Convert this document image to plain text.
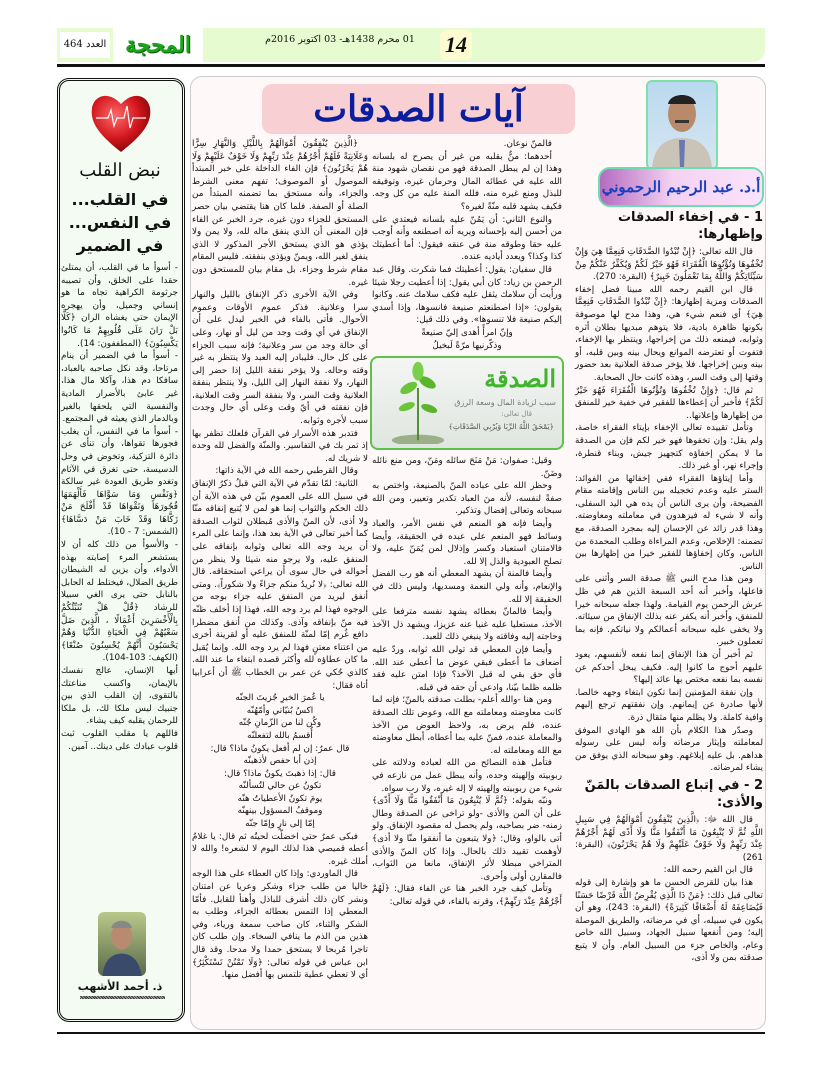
العدد 464 المحجة	01 محرم 1438هـ- 03 اكتوبر 2016م 14
نبض القلب
في القلب...
في النفس...
في الضمير

- أسوأ ما في القلب، أن يمتلئ حقدا على الخلق، وأن تصيبه جرثومة الكراهية تجاه ما هو إنساني وجميل، وأن يهجره الإيمان حتى يغشاه الران ﴿كَلَّا بَلْ رَانَ عَلَى قُلُوبِهِمْ مَا كَانُوا يَكْسِبُونَ﴾ (المطففون: 14).

- أسوأ ما في الضمير أن ينام مرتاحا، وقد نكل صاحبه بالعباد، سافكا دم هذا، وآكلا مال هذا، غير عابئ بالأضرار المادية والنفسية التي يلحقها بالغير وبالدمار الذي يعيثه في المجتمع.

- أسوأ ما في النفس، أن يغلب فجورها تقواها، وأن تنأى عن دائرة التزكية، وتخوض في وحل الدسيسة، حتى تغرق في الآثام وتغدو طريق العودة غير سالكة ﴿وَنَفْسٍ وَمَا سَوَّاهَا فَأَلْهَمَهَا فُجُورَهَا وَتَقْوَاهَا قَدْ أَفْلَحَ مَنْ زَكَّاهَا وَقَدْ خَابَ مَنْ دَسَّاهَا﴾ (الشمس: 7 - 10).

- والأسوأ من ذلك كله أن لا يستشعر المرء إصابته بهذه الأدواء، وأن يزين له الشيطان طريق الضلال، فيختلط له الحابل بالنابل حتى يرى الغي سبيلا للرشاد ﴿قُلْ هَلْ نُنَبِّئُكُمْ بِالْأَخْسَرِينَ أَعْمَالًا ، الَّذِينَ ضَلَّ سَعْيُهُمْ فِي الْحَيَاةِ الدُّنْيَا وَهُمْ يَحْسَبُونَ أَنَّهُمْ يُحْسِنُونَ صُنْعًا﴾ (الكهف: 103-104).

أيها الإنسان، عالج نفسك بالإيمان، واكسب مناعتك بالتقوى، إن القلب الذي بين جنبيك ليس ملكا لك، بل ملكا للرحمان يقلبه كيف يشاء.

فاللهم يا مقلب القلوب ثبت قلوب عبادك على دينك.. آمين.

ذ. أحمد الأشهب
آيات الصدقات
أ.د. عبد الرحيم الرحموني
1 - في إخفاء الصدقات وإظهارها:

قال الله تعالى: ﴿إِنْ تُبْدُوا الصَّدَقَاتِ فَنِعِمَّا هِيَ وَإِنْ تُخْفُوهَا وَتُؤْتُوهَا الْفُقَرَاءَ فَهُوَ خَيْرٌ لَكُمْ وَيُكَفِّرُ عَنْكُمْ مِنْ سَيِّئَاتِكُمْ وَاللَّهُ بِمَا تَعْمَلُونَ خَبِيرٌ﴾ (البقرة: 270).

قال ابن القيم رحمه الله مبينا فضل إخفاء الصدقات ومزية إظهارها: ﴿إِنْ تُبْدُوا الصَّدَقَاتِ فَنِعِمَّا هِيَ﴾ أي فنعم شيء هي، وهذا مدح لها موصوفة بكونها ظاهرة بادية، فلا يتوهم مبديها بطلان أثره وثوابه، فيمنعه ذلك من إخراجها، وينتظر بها الإخفاء، فتفوت أو تعترضه الموانع ويحال بينه وبين قلبه، أو بينه وبين إخراجها. فلا يؤخر صدقة العلانية بعد حضور وقتها إلى وقت السر، وهذه كانت حال الصحابة.

ثم قال: ﴿وَإِنْ تُخْفُوهَا وَتُؤْتُوهَا الْفُقَرَاءَ فَهُوَ خَيْرٌ لَكُمْ﴾ فأخبر أن إعطاءها للفقير في خفية خير للمنفق من إظهارها وإعلانها..

وتأمل تقييده تعالى الإخفاء بإيتاء الفقراء خاصة، ولم يقل: وإن تخفوها فهو خير لكم فإن من الصدقة ما لا يمكن إخفاؤه كتجهيز جيش، وبناء قنطرة، وإجراء نهر، أو غير ذلك.

وأما إيتاؤها الفقراء ففي إخفائها من الفوائد: الستر عليه وعدم تخجيله بين الناس وإقامته مقام الفضيحة، وأن يرى الناس أن يده هي اليد السفلى، وأنه لا شيء له فيزهدون في معاملته ومعاوضته. وهذا قدر زائد عن الإحسان إليه بمجرد الصدقة، مع تضمنه: الإخلاص، وعدم المراءاة وطلب المحمدة من الناس، وكان إخفاؤها للفقير خيرا من إظهارها بين الناس.

ومن هذا مدح النبي ﷺ صدقة السر وأثنى على فاعلها، وأخبر أنه أحد السبعة الذين هم في ظل عرش الرحمن يوم القيامة. ولهذا جعله سبحانه خيرا للمنفق، وأخبر أنه يكفر عنه بذلك الإنفاق من سيئاته. ولا يخفى عليه سبحانه أعمالكم ولا نياتكم. فإنه بما تعملون خبير.

ثم أخبر أن هذا الإنفاق إنما نفعه لأنفسهم، يعود عليهم أحوج ما كانوا إليه. فكيف يبخل أحدكم عن نفسه بما نفعه مختص بها عائد إليها؟

وإن نفقة المؤمنين إنما تكون ابتغاء وجهه خالصا. لأنها صادرة عن إيمانهم. وإن نفقتهم ترجع إليهم وافية كاملة. ولا يظلم منها مثقال ذرة.

وصدّر هذا الكلام بأن الله هو الهادي الموفق لمعاملته وإيثار مرضاته وأنه ليس على رسوله هداهم. بل عليه إبلاغهم. وهو سبحانه الذي يوفق من يشاء لمرضاته.

2 - في إتباع الصدقات بالمَنّ والأذى:

قال الله ﷻ: ﴿الَّذِينَ يُنْفِقُونَ أَمْوَالَهُمْ فِي سَبِيلِ اللَّهِ ثُمَّ لَا يُتْبِعُونَ مَا أَنْفَقُوا مَنًّا وَلَا أَذًى لَهُمْ أَجْرُهُمْ عِنْدَ رَبِّهِمْ وَلَا خَوْفٌ عَلَيْهِمْ وَلَا هُمْ يَحْزَنُونَ﴾ (البقرة: 261)

قال ابن القيم رحمه الله:

هذا بيان للقرض الحسن ما هو وإشارة إلى قوله تعالى قبل ذلك: ﴿مَنْ ذَا الَّذِي يُقْرِضُ اللَّهَ قَرْضًا حَسَنًا فَيُضَاعِفَهُ لَهُ أَضْعَافًا كَثِيرَةً﴾ (البقرة: 243)، وهو أن يكون في سبيله، أي في مرضاته، والطريق الموصلة إليه؛ ومن أنفعها سبيل الجهاد، وسبيل الله خاص وعام، والخاص جزء من السبيل العام. وأن لا يتبع صدقته بمن ولا أذى،

فالمنّ نوعان.

أحدهما: منٌّ بقلبه من غير أن يصرح له بلسانه وهذا إن لم يبطل الصدقة فهو من نقصان شهود منة الله عليه في عطائه المال وحرمان غيره، وتوفيقه للبذل ومنع غيره منه، فلله المنة عليه من كل وجه. فكيف يشهد قلبه منّةً لغيره؟

والنوع الثاني: أن يَمُنّ عليه بلسانه فيعتدي على من أحسن إليه بإحسانه ويريه أنه اصطنعه وأنه أوجب عليه حقا وطوقه منة في عنقه فيقول: أما أعطيتك كذا وكذا؟ ويعدد أياديه عنده.

قال سفيان: يقول: أعطيتك فما شكرت. وقال عبد الرحمن بن زياد: كان أبي يقول: إذا أعطيت رجلا شيئا ورأيت أن سلامك يثقل عليه فكف سلامك عنه. وكانوا يقولون: «إذا اصطنعتم صنيعة فانسوها، وإذا أسدي إليكم صنيعة فلا تنسوها». وفي ذلك قيل:

وإنّ امرأً أهدى إليّ صنيعةً

وذكّرنيها مرّةً لَبخيلُ

الصدقة
سبب لزيادة المال وسعة الرزق
قال تعالى:
﴿يَمْحَقُ اللَّهُ الرِّبَا وَيُرْبِي الصَّدَقَاتِ﴾

وقيل: صفوان: مَنْ مَنَحَ سائله ومَنّ، ومن منع نائله وضَنّ.

وحظر الله على عباده المنّ بالصنيعة، واختص به صفةً لنفسه، لأنه منَ العباد تكدير وتعيير، ومن الله سبحانه وتعالى إفضال وتذكير.

وأيضا فإنه هو المنعم في نفس الأمر، والعباد وسائط فهو المنعم على عبده في الحقيقة، وأيضا فالامتنان استعباد وكسر وإذلال لمن يُمَنّ عليه، ولا تصلح العبودية والذل إلا لله.

وأيضا فالمنة أن يشهد المعطي أنه هو رب الفضل والإنعام، وأنه ولي النعمة ومسديها، وليس ذلك في الحقيقة إلا لله.

وأيضا فالمانّ بعطائه يشهد نفسه مترفعا على الآخذ، مستعليا عليه غنيا عنه عزيزا، ويشهد ذل الآخذ وحاجته إليه وفاقته ولا ينبغي ذلك للعبد.

وأيضا فإن المعطي قد تولى الله ثوابه، وردّ عليه أضعاف ما أعطى فبقي عوض ما أعطى عند الله. فأي حق بقي له قبل الآخذ؟ فإذا امتن عليه فقد ظلمه ظلما بيّنا، وادعى أن حقه في قبله.

ومن هنا -والله أعلم- بطلت صدقته بالمنّ؛ فإنه لما كانت معاوضته ومعاملته مع الله، وعوض تلك الصدقة عنده، فلم يرض به، ولاحظ العوض من الآخذ والمعاملة عنده، فمنّ عليه بما أعطاه، أبطل معاوضته مع الله ومعاملته له.

فتأمل هذه النصائح من الله لعباده ودلالته على ربوبيته وإلهيته وحده، وأنه يبطل عمل من نازعه في شيء من ربوبيته وإلهيته لا إله غيره، ولا رب سواه.

ونبّه بقوله: ﴿ثُمَّ لَا يُتْبِعُونَ مَا أَنْفَقُوا مَنًّا وَلَا أَذًى﴾ على أن المن والأذى -ولو تراخى عن الصدقة وطال زمنه- ضر بصاحبه، ولم يحصل له مقصود الإنفاق. ولو أتى بالواو، وقال: ﴿ولا يتبعون ما أنفقوا منّا ولا أذى﴾ لأوهمت تقييد ذلك بالحال. وإذا كان المنّ والأذى المتراخي مبطلا لأثر الإنفاق، مانعا من الثواب، فالمقارن أولى وأحرى.

وتأمل كيف جرد الخبر هنا عن الفاء فقال: ﴿لَهُمْ أَجْرُهُمْ عِنْدَ رَبِّهِمْ﴾، وقرنه بالفاء، في قوله تعالى:

﴿الَّذِينَ يُنْفِقُونَ أَمْوَالَهُمْ بِاللَّيْلِ وَالنَّهَارِ سِرًّا وَعَلَانِيَةً فَلَهُمْ أَجْرُهُمْ عِنْدَ رَبِّهِمْ وَلَا خَوْفٌ عَلَيْهِمْ وَلَا هُمْ يَحْزَنُونَ﴾ فإن الفاء الداخلة على خبر المبتدأ الموصول أو الموصوف؛ تفهم معنى الشرط والجزاء، وأنه مستحق بما تضمنه المبتدأ من الصلة أو الصفة. فلما كان هنا يقتضي بيان حصر المستحق للجزاء دون غيره، جرد الخبر عن الفاء فإن المعنى أن الذي ينفق ماله لله، ولا يمن ولا يؤذي هو الذي يستحق الأجر المذكور لا الذي ينفق لغير الله، ويمنّ ويؤذي بنفقته. فليس المقام مقام شرط وجزاء. بل مقام بيان للمستحق دون غيره.

وفي الآية الأخرى ذكر الإنفاق بالليل والنهار سرا وعلانية. فذكر عموم الأوقات وعموم الأحوال. فأتى بالفاء في الخبر ليدل على أن الإنفاق في أي وقت وجد من ليل أو نهار، وعلى أي حالة وجد من سر وعلانية؛ فإنه سبب الجزاء على كل حال. فليبادر إليه العبد ولا ينتظر به غير وقته وحاله. ولا يؤخر نفقة الليل إذا حضر إلى النهار، ولا نفقة النهار إلى الليل، ولا ينتظر بنفقة العلانية وقت السر، ولا بنفقة السر وقت العلانية، فإن نفقته في أيّ وقت وعلى أي حال وجدت سبب لأجره وثوابه.

فتدبر هذه الأسرار في القرآن فلعلك تظفر بها إذ تمر بك في التفاسير. والمنّة والفضل لله وحده لا شريك له.

وقال القرطبي رحمه الله في الآية ذاتها:

الثانية: لمّا تقدّم في الآية التي قبلُ ذكرُ الإنفاق في سبيل الله على العموم بيّن في هذه الآية أن ذلك الحكم والثواب إنما هو لمن لا يُتبع إنفاقه منّا ولا أذى، لأن المنّ والأذى مُبطلان لثواب الصدقة كما أخبر تعالى في الآية بعد هذا، وإنما على المرء أن يريد وجه الله تعالى وثوابه بإنفاقه على المنفق عليه، ولا يرجو منه شيئا ولا ينظر من أحواله في حال سوى أن يراعي استحقاقه. قال الله تعالى: ﴿لا نُريدُ منكم جزاءً ولا شكوراً﴾. ومتى أنفق ليريد من المنفق عليه جزاء بوجه من الوجوه فهذا لم يرد وجه الله، فهذا إذا أخلف ظنّه فيه منّ بإنفاقه وآذى. وكذلك من أنفق مضطرا دافع غُرم إمّا لمنّة للمنفق عليه أو لقرينة أخرى من اعتناء معتنٍ فهذا لم يرد وجه الله. وإنما يُقبل ما كان عطاؤه لله وأكثر قصده ابتغاء ما عند الله. كالذي حُكي عن عمر بن الخطاب ﷺ أن أعرابيا أتاه فقال:

يا عُمرَ الخيرِ جُزيتَ الجنّه

اكسُ بُنيّاتي وأمّهُنّه

وكُن لنا من الزّمانِ جُنّه

أُقسمُ بالله لتفعلنّه

قال عمرُ: إن لم أفعل يكونُ ماذا؟ قال:

إذن أبا حفص لأذهبنّه

قال: إذا ذهبتَ يكونُ ماذا؟ قال:

تكونُ عن حالي لتُسألنّه

يومَ تكونُ الأعطياتُ هنّه

وموقفُ المسؤول بينهنّه

إمّا إلى نارٍ وإمّا جنّه

فبكى عمرُ حتى اخضلّت لحيتُه ثم قال: يا غلامُ أعطه قميصي هذا لذلك اليوم لا لشعره! والله لا أملك غيره.

قال الماوردي: وإذا كان العطاء على هذا الوجه خاليا من طلب جزاء وشكر وعريا عن امتنان ونشر كان ذلك أشرف للباذل وأهنأ للقابل. فأمّا المعطي إذا التمس بعطائه الجزاء، وطلب به الشكر والثناء، كان صاحب سمعة ورياء، وفي هذين من الذم ما ينافي السخاء. وإن طلب كان تاجرا مُربحا لا يستحق حمدا ولا مدحا. وقد قال ابن عباس في قوله تعالى: ﴿وَلَا تَمْنُنْ تَسْتَكْثِرُ﴾ أي لا تعطي عطية تلتمس بها أفضل منها.
